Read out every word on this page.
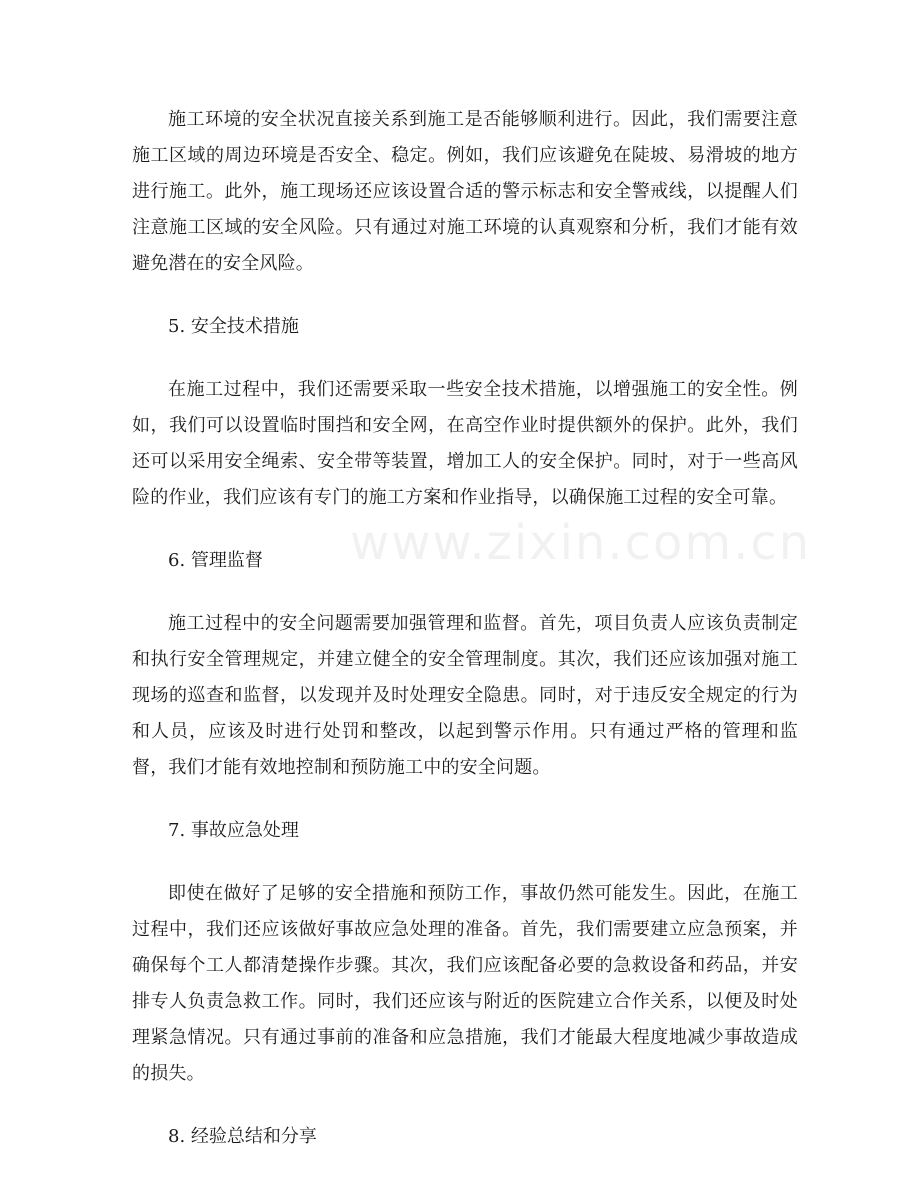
施工环境的安全状况直接关系到施工是否能够顺利进行。因此，我们需要注意施工区域的周边环境是否安全、稳定。例如，我们应该避免在陡坡、易滑坡的地方进行施工。此外，施工现场还应该设置合适的警示标志和安全警戒线，以提醒人们注意施工区域的安全风险。只有通过对施工环境的认真观察和分析，我们才能有效避免潜在的安全风险。

5. 安全技术措施

在施工过程中，我们还需要采取一些安全技术措施，以增强施工的安全性。例如，我们可以设置临时围挡和安全网，在高空作业时提供额外的保护。此外，我们还可以采用安全绳索、安全带等装置，增加工人的安全保护。同时，对于一些高风险的作业，我们应该有专门的施工方案和作业指导，以确保施工过程的安全可靠。

6. 管理监督

施工过程中的安全问题需要加强管理和监督。首先，项目负责人应该负责制定和执行安全管理规定，并建立健全的安全管理制度。其次，我们还应该加强对施工现场的巡查和监督，以发现并及时处理安全隐患。同时，对于违反安全规定的行为和人员，应该及时进行处罚和整改，以起到警示作用。只有通过严格的管理和监督，我们才能有效地控制和预防施工中的安全问题。

7. 事故应急处理

即使在做好了足够的安全措施和预防工作，事故仍然可能发生。因此，在施工过程中，我们还应该做好事故应急处理的准备。首先，我们需要建立应急预案，并确保每个工人都清楚操作步骤。其次，我们应该配备必要的急救设备和药品，并安排专人负责急救工作。同时，我们还应该与附近的医院建立合作关系，以便及时处理紧急情况。只有通过事前的准备和应急措施，我们才能最大程度地减少事故造成的损失。

8. 经验总结和分享

www.zixin.com.cn
